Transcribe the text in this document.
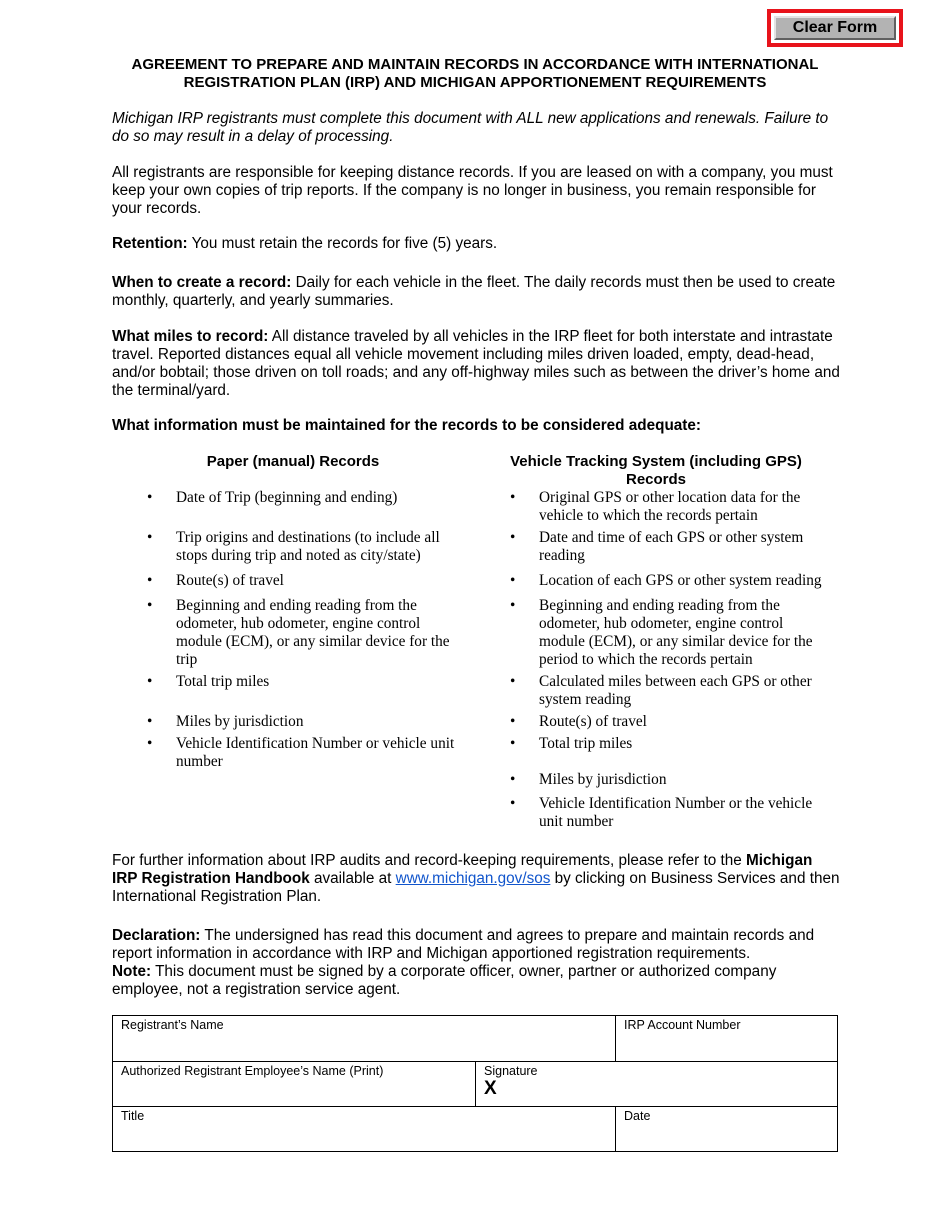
Clear Form
AGREEMENT TO PREPARE AND MAINTAIN RECORDS IN ACCORDANCE WITH INTERNATIONAL
REGISTRATION PLAN (IRP) AND MICHIGAN APPORTIONEMENT REQUIREMENTS

Michigan IRP registrants must complete this document with ALL new applications and renewals. Failure to do so may result in a delay of processing.

All registrants are responsible for keeping distance records. If you are leased on with a company, you must keep your own copies of trip reports. If the company is no longer in business, you remain responsible for your records.

Retention: You must retain the records for five (5) years.

When to create a record: Daily for each vehicle in the fleet. The daily records must then be used to create monthly, quarterly, and yearly summaries.

What miles to record: All distance traveled by all vehicles in the IRP fleet for both interstate and intrastate travel. Reported distances equal all vehicle movement including miles driven loaded, empty, dead-head, and/or bobtail; those driven on toll roads; and any off-highway miles such as between the driver’s home and the terminal/yard.

What information must be maintained for the records to be considered adequate:

Paper (manual) Records	Vehicle Tracking System (including GPS)
Records
• Date of Trip (beginning and ending)
• Trip origins and destinations (to include all stops during trip and noted as city/state)
• Route(s) of travel
• Beginning and ending reading from the odometer, hub odometer, engine control module (ECM), or any similar device for the trip
• Total trip miles
• Miles by jurisdiction
• Vehicle Identification Number or vehicle unit number
• Original GPS or other location data for the vehicle to which the records pertain
• Date and time of each GPS or other system reading
• Location of each GPS or other system reading
• Beginning and ending reading from the odometer, hub odometer, engine control module (ECM), or any similar device for the period to which the records pertain
• Calculated miles between each GPS or other system reading
• Route(s) of travel
• Total trip miles
• Miles by jurisdiction
• Vehicle Identification Number or the vehicle unit number

For further information about IRP audits and record-keeping requirements, please refer to the Michigan IRP Registration Handbook available at www.michigan.gov/sos by clicking on Business Services and then International Registration Plan.

Declaration: The undersigned has read this document and agrees to prepare and maintain records and report information in accordance with IRP and Michigan apportioned registration requirements.
Note: This document must be signed by a corporate officer, owner, partner or authorized company employee, not a registration service agent.

Registrant’s Name	IRP Account Number
Authorized Registrant Employee’s Name (Print)	Signature
X
Title	Date
